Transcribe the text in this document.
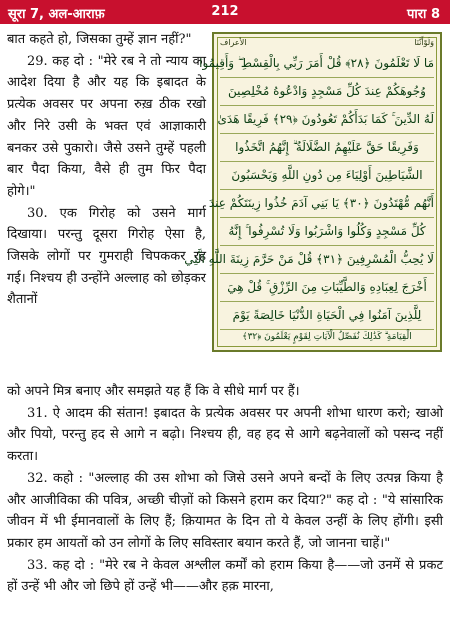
सूरा 7, अल-आराफ़	212	पारा 8

बात कहते हो, जिसका तुम्हें ज्ञान नहीं?"

29. कह दो : "मेरे रब ने तो न्याय का आदेश दिया है और यह कि इबादत के प्रत्येक अवसर पर अपना रुख़ ठीक रखो और निरे उसी के भक्त एवं आज्ञाकारी बनकर उसे पुकारो। जैसे उसने तुम्हें पहली बार पैदा किया, वैसे ही तुम फिर पैदा होगे।"

30. एक गिरोह को उसने मार्ग दिखाया। परन्तु दूसरा गिरोह ऐसा है, जिसके लोगों पर गुमराही चिपककर रह गई। निश्चय ही उन्होंने अल्लाह को छोड़कर शैतानों

وَلَوْأَنَّنَا
الأعراف
مَا لَا تَعْلَمُونَ ﴿٢٨﴾ قُلْ أَمَرَ رَبِّي بِالْقِسْطِ ۖ وَأَقِيمُوا
وُجُوهَكُمْ عِندَ كُلِّ مَسْجِدٍ وَادْعُوهُ مُخْلِصِينَ
لَهُ الدِّينَ ۚ كَمَا بَدَأَكُمْ تَعُودُونَ ﴿٢٩﴾ فَرِيقًا هَدَىٰ
وَفَرِيقًا حَقَّ عَلَيْهِمُ الضَّلَالَةُ ۗ إِنَّهُمُ اتَّخَذُوا
الشَّيَاطِينَ أَوْلِيَاءَ مِن دُونِ اللَّهِ وَيَحْسَبُونَ
أَنَّهُم مُّهْتَدُونَ ﴿٣٠﴾ يَا بَنِي آدَمَ خُذُوا زِينَتَكُمْ عِندَ
كُلِّ مَسْجِدٍ وَكُلُوا وَاشْرَبُوا وَلَا تُسْرِفُوا ۚ إِنَّهُ
لَا يُحِبُّ الْمُسْرِفِينَ ﴿٣١﴾ قُلْ مَنْ حَرَّمَ زِينَةَ اللَّهِ الَّتِي
أَخْرَجَ لِعِبَادِهِ وَالطَّيِّبَاتِ مِنَ الرِّزْقِ ۚ قُلْ هِيَ
لِلَّذِينَ آمَنُوا فِي الْحَيَاةِ الدُّنْيَا خَالِصَةً يَوْمَ
الْقِيَامَةِ ۗ كَذَٰلِكَ نُفَصِّلُ الْآيَاتِ لِقَوْمٍ يَعْلَمُونَ ﴿٣٢﴾

को अपने मित्र बनाए और समझते यह हैं कि वे सीधे मार्ग पर हैं।

31. ऐ आदम की संतान! इबादत के प्रत्येक अवसर पर अपनी शोभा धारण करो; खाओ और पियो, परन्तु हद से आगे न बढ़ो। निश्चय ही, वह हद से आगे बढ़नेवालों को पसन्द नहीं करता।

32. कहो : "अल्लाह की उस शोभा को जिसे उसने अपने बन्दों के लिए उत्पन्न किया है और आजीविका की पवित्र, अच्छी चीज़ों को किसने हराम कर दिया?" कह दो : "ये सांसारिक जीवन में भी ईमानवालों के लिए हैं; क़ियामत के दिन तो ये केवल उन्हीं के लिए होंगी। इसी प्रकार हम आयतों को उन लोगों के लिए सविस्तार बयान करते हैं, जो जानना चाहें।"

33. कह दो : "मेरे रब ने केवल अश्लील कर्मों को हराम किया है——जो उनमें से प्रकट हों उन्हें भी और जो छिपे हों उन्हें भी——और हक़ मारना,
